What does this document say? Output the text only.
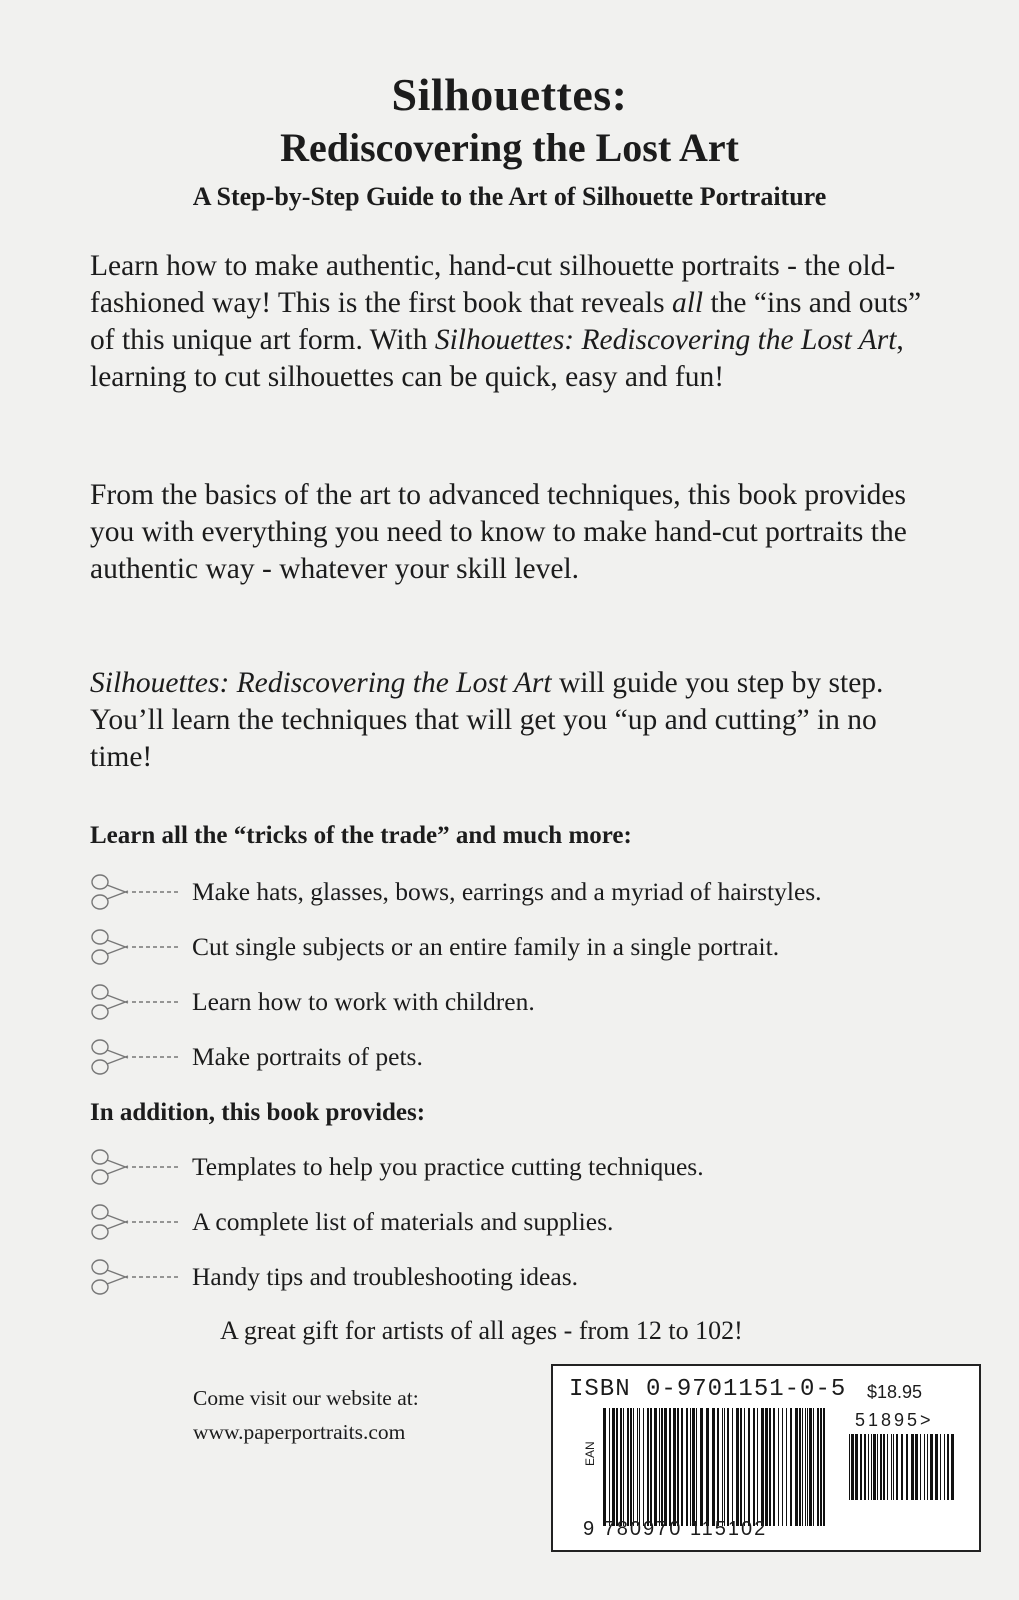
Silhouettes:
Rediscovering the Lost Art
A Step-by-Step Guide to the Art of Silhouette Portraiture
Learn how to make authentic, hand-cut silhouette portraits - the old-fashioned way! This is the first book that reveals all the “ins and outs” of this unique art form. With Silhouettes: Rediscovering the Lost Art, learning to cut silhouettes can be quick, easy and fun!
From the basics of the art to advanced techniques, this book provides you with everything you need to know to make hand-cut portraits the authentic way - whatever your skill level.
Silhouettes: Rediscovering the Lost Art will guide you step by step. You’ll learn the techniques that will get you “up and cutting” in no time!
Learn all the “tricks of the trade” and much more:
Make hats, glasses, bows, earrings and a myriad of hairstyles.
Cut single subjects or an entire family in a single portrait.
Learn how to work with children.
Make portraits of pets.
In addition, this book provides:
Templates to help you practice cutting techniques.
A complete list of materials and supplies.
Handy tips and troubleshooting ideas.
A great gift for artists of all ages - from 12 to 102!
Come visit our website at:
www.paperportraits.com
ISBN 0-9701151-0-5 $18.95
51895>
EAN
9 780970 115102
